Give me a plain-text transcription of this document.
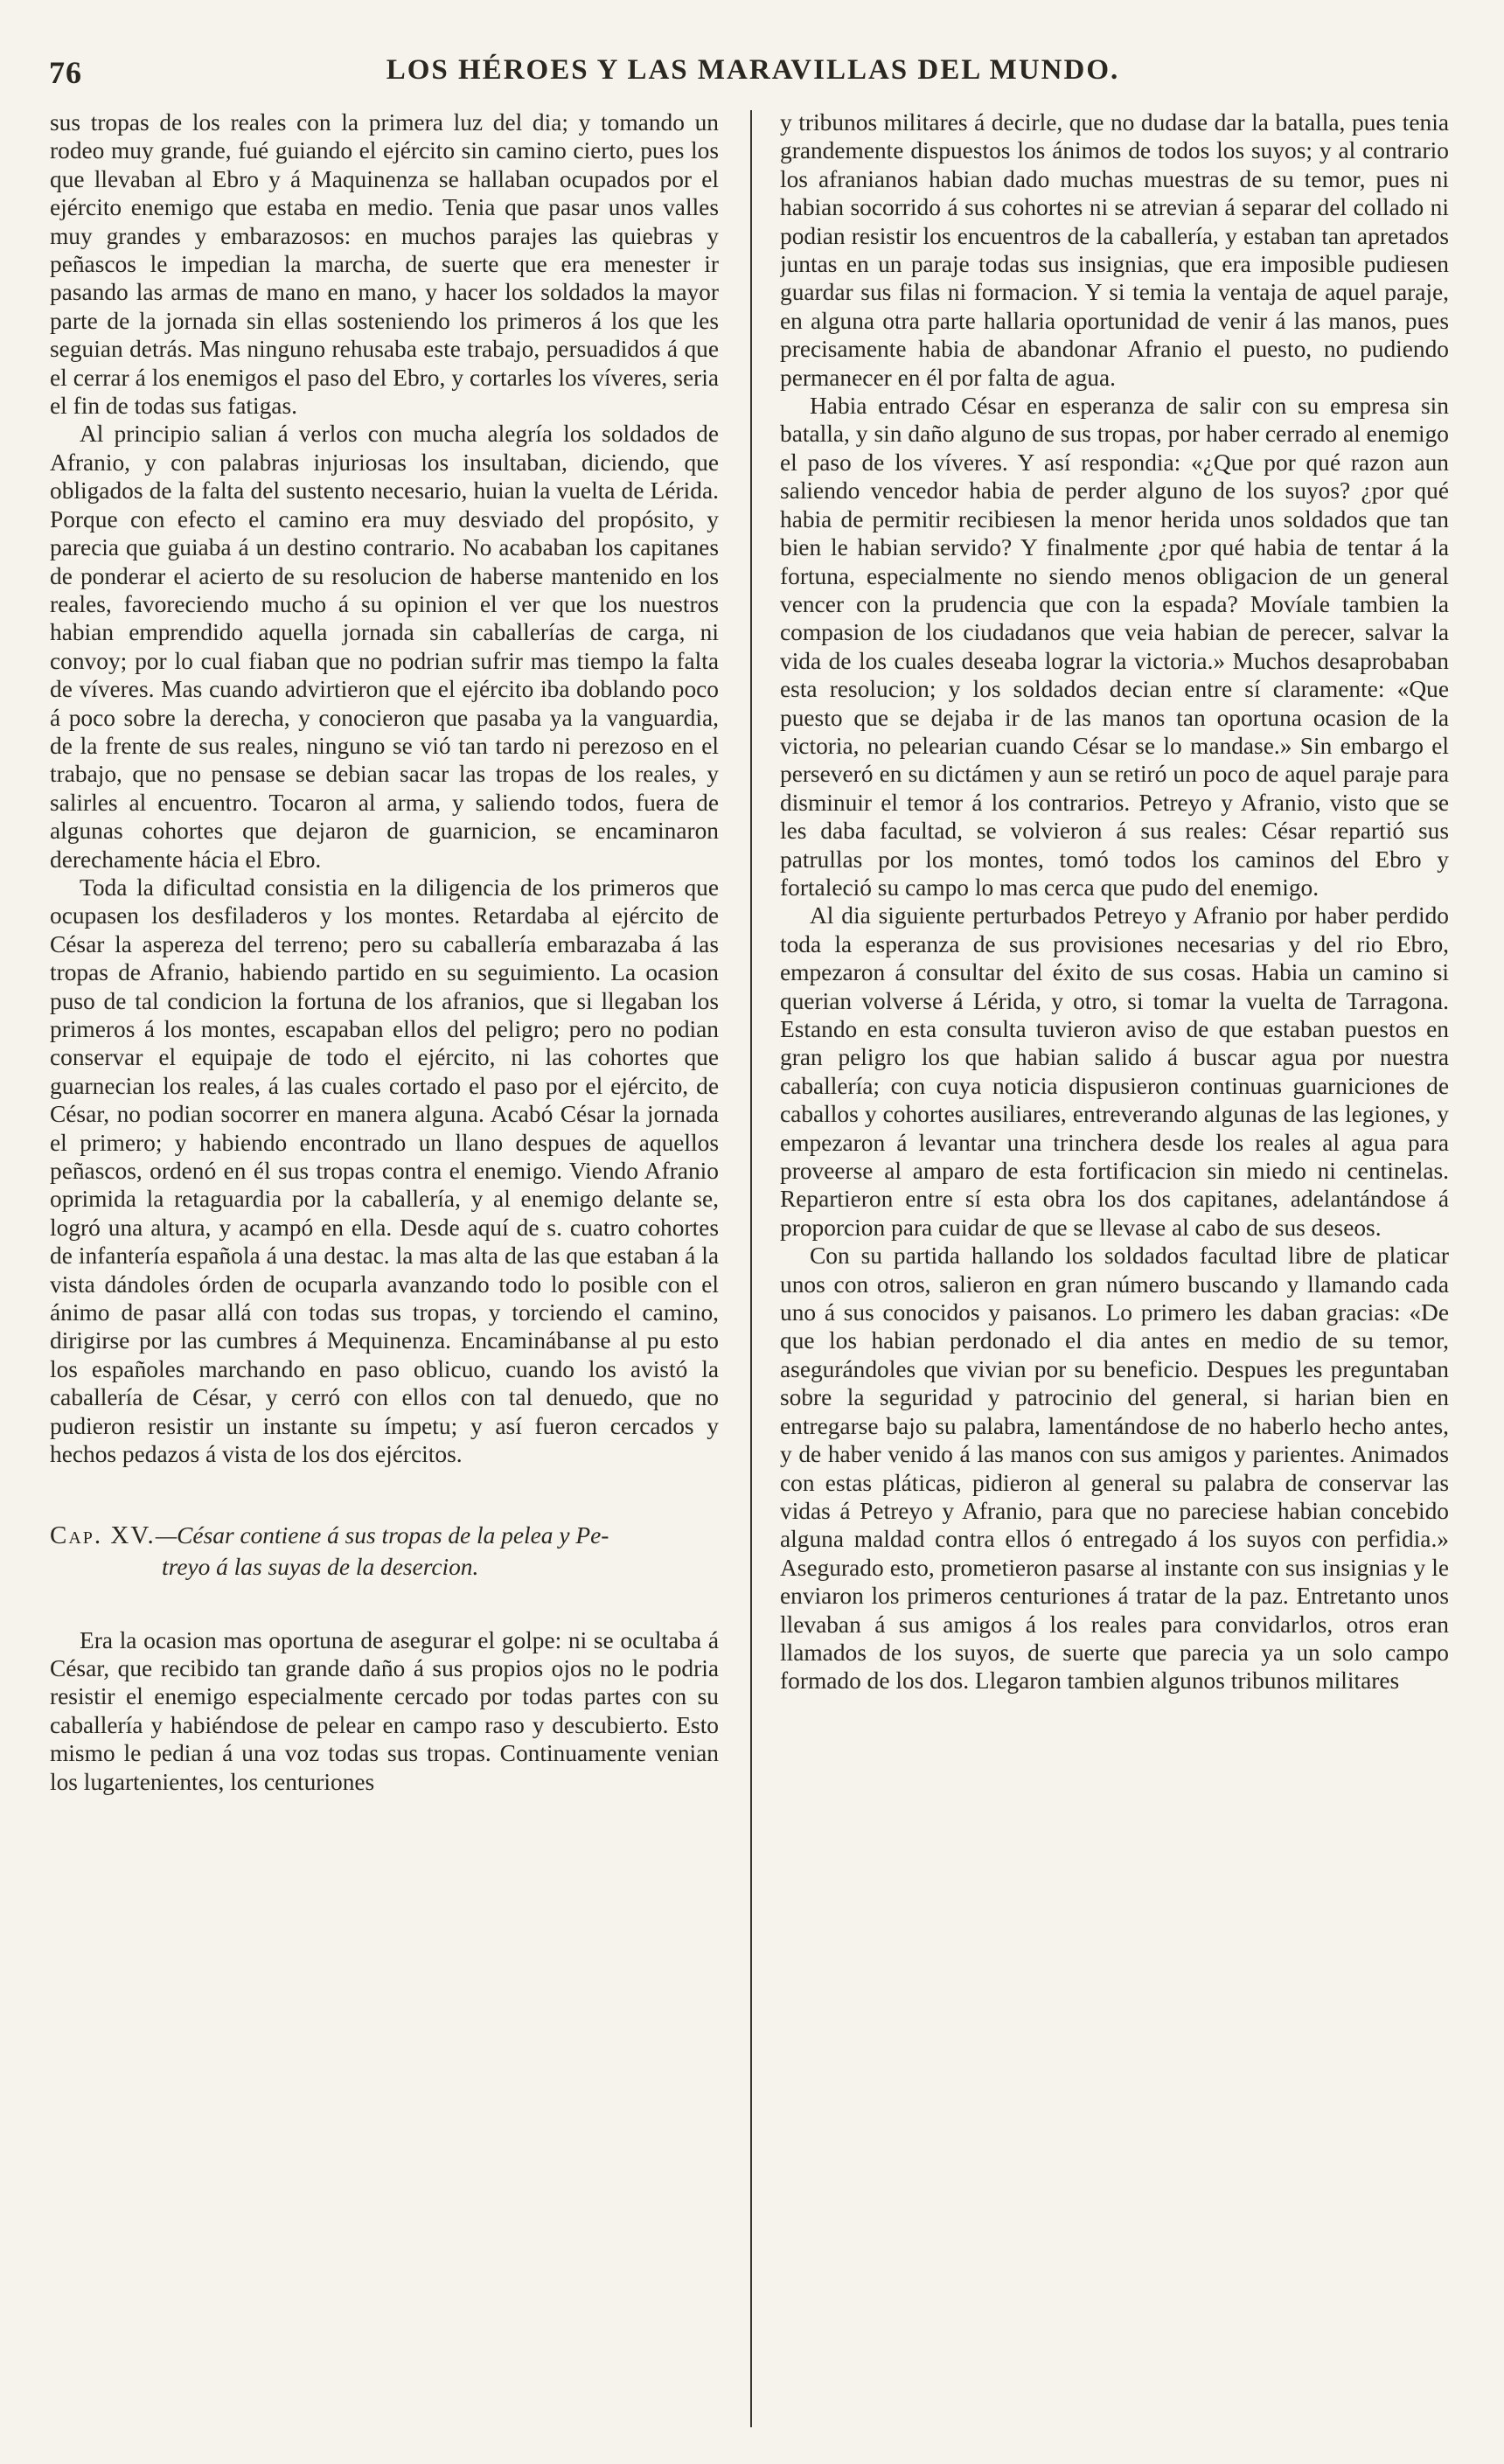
76	LOS HÉROES Y LAS MARAVILLAS DEL MUNDO.

sus tropas de los reales con la primera luz del dia; y tomando un rodeo muy grande, fué guiando el ejército sin camino cierto, pues los que llevaban al Ebro y á Maquinenza se hallaban ocupados por el ejército enemigo que estaba en medio. Tenia que pasar unos valles muy grandes y embarazosos: en muchos parajes las quiebras y peñascos le impedian la marcha, de suerte que era menester ir pasando las armas de mano en mano, y hacer los soldados la mayor parte de la jornada sin ellas sosteniendo los primeros á los que les seguian detrás. Mas ninguno rehusaba este trabajo, persuadidos á que el cerrar á los enemigos el paso del Ebro, y cortarles los víveres, seria el fin de todas sus fatigas.

Al principio salian á verlos con mucha alegría los soldados de Afranio, y con palabras injuriosas los insultaban, diciendo, que obligados de la falta del sustento necesario, huian la vuelta de Lérida. Porque con efecto el camino era muy desviado del propósito, y parecia que guiaba á un destino contrario. No acababan los capitanes de ponderar el acierto de su resolucion de haberse mantenido en los reales, favoreciendo mucho á su opinion el ver que los nuestros habian emprendido aquella jornada sin caballerías de carga, ni convoy; por lo cual fiaban que no podrian sufrir mas tiempo la falta de víveres. Mas cuando advirtieron que el ejército iba doblando poco á poco sobre la derecha, y conocieron que pasaba ya la vanguardia, de la frente de sus reales, ninguno se vió tan tardo ni perezoso en el trabajo, que no pensase se debian sacar las tropas de los reales, y salirles al encuentro. Tocaron al arma, y saliendo todos, fuera de algunas cohortes que dejaron de guarnicion, se encaminaron derechamente hácia el Ebro.

Toda la dificultad consistia en la diligencia de los primeros que ocupasen los desfiladeros y los montes. Retardaba al ejército de César la aspereza del terreno; pero su caballería embarazaba á las tropas de Afranio, habiendo partido en su seguimiento. La ocasion puso de tal condicion la fortuna de los afranios, que si llegaban los primeros á los montes, escapaban ellos del peligro; pero no podian conservar el equipaje de todo el ejército, ni las cohortes que guarnecian los reales, á las cuales cortado el paso por el ejército, de César, no podian socorrer en manera alguna. Acabó César la jornada el primero; y habiendo encontrado un llano despues de aquellos peñascos, ordenó en él sus tropas contra el enemigo. Viendo Afranio oprimida la retaguardia por la caballería, y al enemigo delante se, logró una altura, y acampó en ella. Desde aquí de s. cuatro cohortes de infantería española á una destac. la mas alta de las que estaban á la vista dándoles órden de ocuparla avanzando todo lo posible con el ánimo de pasar allá con todas sus tropas, y torciendo el camino, dirigirse por las cumbres á Mequinenza. Encaminábanse al pu esto los españoles marchando en paso oblicuo, cuando los avistó la caballería de César, y cerró con ellos con tal denuedo, que no pudieron resistir un instante su ímpetu; y así fueron cercados y hechos pedazos á vista de los dos ejércitos.

Cap. XV.—César contiene á sus tropas de la pelea y Pe-
treyo á las suyas de la desercion.

Era la ocasion mas oportuna de asegurar el golpe: ni se ocultaba á César, que recibido tan grande daño á sus propios ojos no le podria resistir el enemigo especialmente cercado por todas partes con su caballería y habiéndose de pelear en campo raso y descubierto. Esto mismo le pedian á una voz todas sus tropas. Continuamente venian los lugartenientes, los centuriones

y tribunos militares á decirle, que no dudase dar la batalla, pues tenia grandemente dispuestos los ánimos de todos los suyos; y al contrario los afranianos habian dado muchas muestras de su temor, pues ni habian socorrido á sus cohortes ni se atrevian á separar del collado ni podian resistir los encuentros de la caballería, y estaban tan apretados juntas en un paraje todas sus insignias, que era imposible pudiesen guardar sus filas ni formacion. Y si temia la ventaja de aquel paraje, en alguna otra parte hallaria oportunidad de venir á las manos, pues precisamente habia de abandonar Afranio el puesto, no pudiendo permanecer en él por falta de agua.

Habia entrado César en esperanza de salir con su empresa sin batalla, y sin daño alguno de sus tropas, por haber cerrado al enemigo el paso de los víveres. Y así respondia: «¿Que por qué razon aun saliendo vencedor habia de perder alguno de los suyos? ¿por qué habia de permitir recibiesen la menor herida unos soldados que tan bien le habian servido? Y finalmente ¿por qué habia de tentar á la fortuna, especialmente no siendo menos obligacion de un general vencer con la prudencia que con la espada? Movíale tambien la compasion de los ciudadanos que veia habian de perecer, salvar la vida de los cuales deseaba lograr la victoria.» Muchos desaprobaban esta resolucion; y los soldados decian entre sí claramente: «Que puesto que se dejaba ir de las manos tan oportuna ocasion de la victoria, no pelearian cuando César se lo mandase.» Sin embargo el perseveró en su dictámen y aun se retiró un poco de aquel paraje para disminuir el temor á los contrarios. Petreyo y Afranio, visto que se les daba facultad, se volvieron á sus reales: César repartió sus patrullas por los montes, tomó todos los caminos del Ebro y fortaleció su campo lo mas cerca que pudo del enemigo.

Al dia siguiente perturbados Petreyo y Afranio por haber perdido toda la esperanza de sus provisiones necesarias y del rio Ebro, empezaron á consultar del éxito de sus cosas. Habia un camino si querian volverse á Lérida, y otro, si tomar la vuelta de Tarragona. Estando en esta consulta tuvieron aviso de que estaban puestos en gran peligro los que habian salido á buscar agua por nuestra caballería; con cuya noticia dispusieron continuas guarniciones de caballos y cohortes ausiliares, entreverando algunas de las legiones, y empezaron á levantar una trinchera desde los reales al agua para proveerse al amparo de esta fortificacion sin miedo ni centinelas. Repartieron entre sí esta obra los dos capitanes, adelantándose á proporcion para cuidar de que se llevase al cabo de sus deseos.

Con su partida hallando los soldados facultad libre de platicar unos con otros, salieron en gran número buscando y llamando cada uno á sus conocidos y paisanos. Lo primero les daban gracias: «De que los habian perdonado el dia antes en medio de su temor, asegurándoles que vivian por su beneficio. Despues les preguntaban sobre la seguridad y patrocinio del general, si harian bien en entregarse bajo su palabra, lamentándose de no haberlo hecho antes, y de haber venido á las manos con sus amigos y parientes. Animados con estas pláticas, pidieron al general su palabra de conservar las vidas á Petreyo y Afranio, para que no pareciese habian concebido alguna maldad contra ellos ó entregado á los suyos con perfidia.» Asegurado esto, prometieron pasarse al instante con sus insignias y le enviaron los primeros centuriones á tratar de la paz. Entretanto unos llevaban á sus amigos á los reales para convidarlos, otros eran llamados de los suyos, de suerte que parecia ya un solo campo formado de los dos. Llegaron tambien algunos tribunos militares
